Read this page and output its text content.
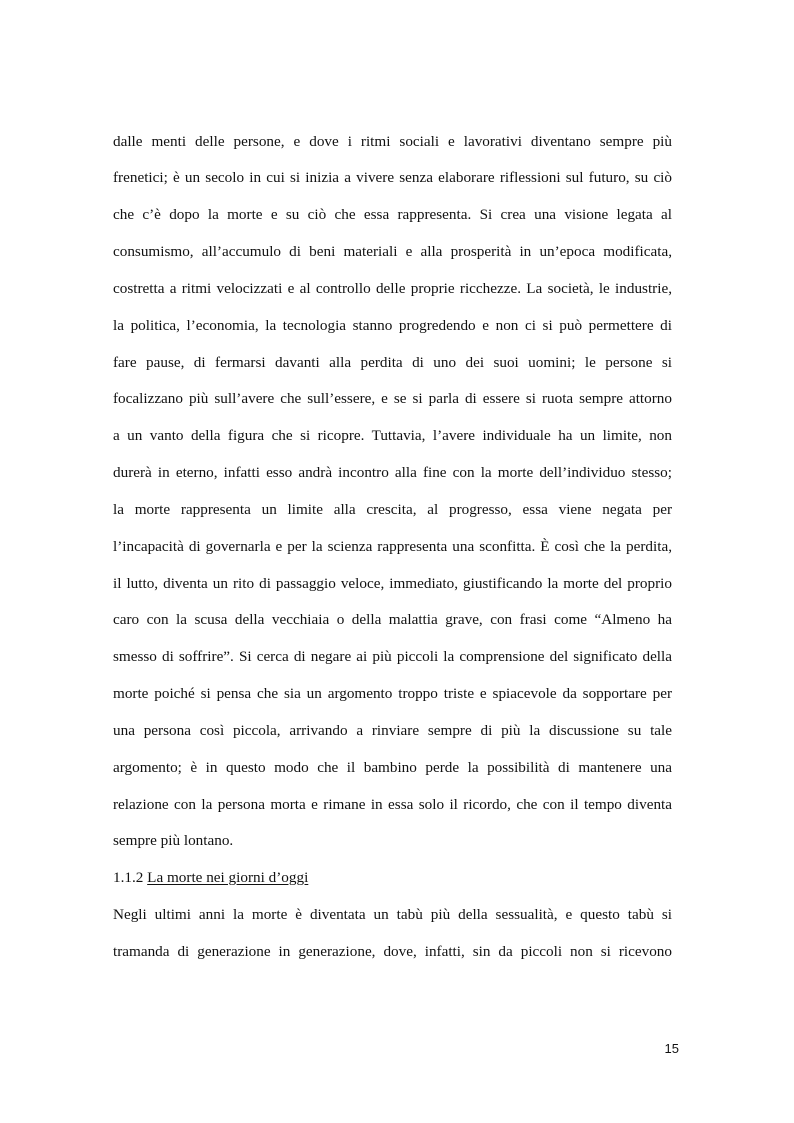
dalle menti delle persone, e dove i ritmi sociali e lavorativi diventano sempre più
frenetici; è un secolo in cui si inizia a vivere senza elaborare riflessioni sul futuro, su ciò
che c’è dopo la morte e su ciò che essa rappresenta. Si crea una visione legata al
consumismo, all’accumulo di beni materiali e alla prosperità in un’epoca modificata,
costretta a ritmi velocizzati e al controllo delle proprie ricchezze. La società, le industrie,
la politica, l’economia, la tecnologia stanno progredendo e non ci si può permettere di
fare pause, di fermarsi davanti alla perdita di uno dei suoi uomini; le persone si
focalizzano più sull’avere che sull’essere, e se si parla di essere si ruota sempre attorno
a un vanto della figura che si ricopre. Tuttavia, l’avere individuale ha un limite, non
durerà in eterno, infatti esso andrà incontro alla fine con la morte dell’individuo stesso;
la morte rappresenta un limite alla crescita, al progresso, essa viene negata per
l’incapacità di governarla e per la scienza rappresenta una sconfitta. È così che la perdita,
il lutto, diventa un rito di passaggio veloce, immediato, giustificando la morte del proprio
caro con la scusa della vecchiaia o della malattia grave, con frasi come “Almeno ha
smesso di soffrire”. Si cerca di negare ai più piccoli la comprensione del significato della
morte poiché si pensa che sia un argomento troppo triste e spiacevole da sopportare per
una persona così piccola, arrivando a rinviare sempre di più la discussione su tale
argomento; è in questo modo che il bambino perde la possibilità di mantenere una
relazione con la persona morta e rimane in essa solo il ricordo, che con il tempo diventa
sempre più lontano.
1.1.2 La morte nei giorni d’oggi
Negli ultimi anni la morte è diventata un tabù più della sessualità, e questo tabù si
tramanda di generazione in generazione, dove, infatti, sin da piccoli non si ricevono
15
